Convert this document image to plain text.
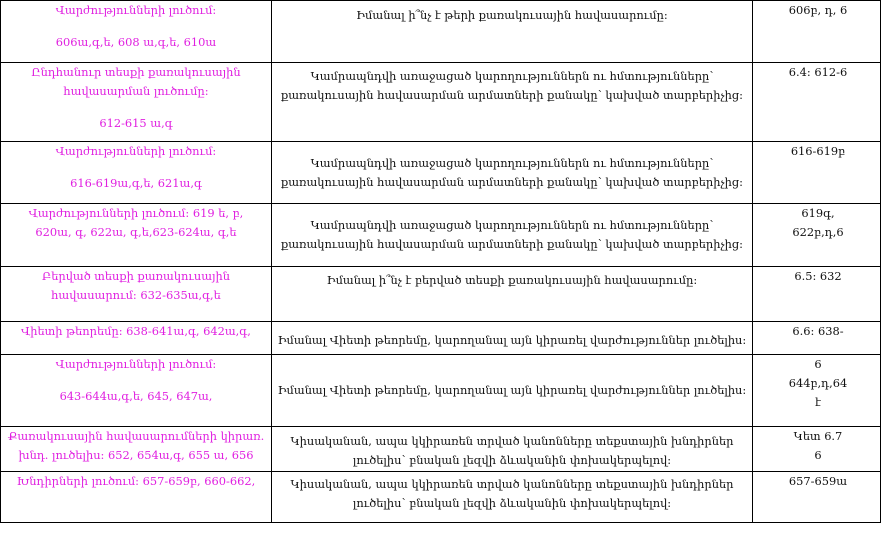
Վարժությունների լուծում:
606ա,գ,ե, 608 ա,գ,ե, 610ա	Իմանալ ի՞նչ է թերի քառակուսային հավասարումը:	606բ, դ, 6

Ընդհանուր տեսքի քառակուսային
հավասարման լուծումը:
612-615 ա,գ	Կամրապնդվի առաջացած կարողություններն ու հմտությունները՝
քառակուսային հավասարման արմատների քանակը՝ կախված տարբերիչից:	6.4: 612-6

Վարժությունների լուծում:
616-619ա,գ,ե, 621ա,գ	Կամրապնդվի առաջացած կարողություններն ու հմտությունները՝
քառակուսային հավասարման արմատների քանակը՝ կախված տարբերիչից:	616-619բ

Վարժությունների լուծում: 619 ե, բ,
620ա, գ, 622ա, գ,ե,623-624ա, գ,ե	Կամրապնդվի առաջացած կարողություններն ու հմտությունները՝
քառակուսային հավասարման արմատների քանակը՝ կախված տարբերիչից:	619գ,
622բ,դ,6

Բերված տեսքի քառակուսային
հավասարում: 632-635ա,գ,ե	Իմանալ ի՞նչ է բերված տեսքի քառակուսային հավասարումը:	6.5: 632

Վիետի թեորեմը: 638-641ա,գ, 642ա,գ,	Իմանալ Վիետի թեորեմը, կարողանալ այն կիրառել վարժություններ լուծելիս:	6.6: 638-

Վարժությունների լուծում:
643-644ա,գ,ե, 645, 647ա,	Իմանալ Վիետի թեորեմը, կարողանալ այն կիրառել վարժություններ լուծելիս:	6
644բ,դ,64
է

Քառակուսային հավասարումների կիրառ.
խնդ. լուծելիս: 652, 654ա,գ, 655 ա, 656	Կիսականան, ապա կկիրառեն տրված կանոնները տեքստային խնդիրներ
լուծելիս՝ բնական լեզվի ձևականին փոխակերպելով:	Կետ 6.7
6

Խնդիրների լուծում: 657-659բ, 660-662,	Կիսականան, ապա կկիրառեն տրված կանոնները տեքստային խնդիրներ
լուծելիս՝ բնական լեզվի ձևականին փոխակերպելով:	657-659ա
